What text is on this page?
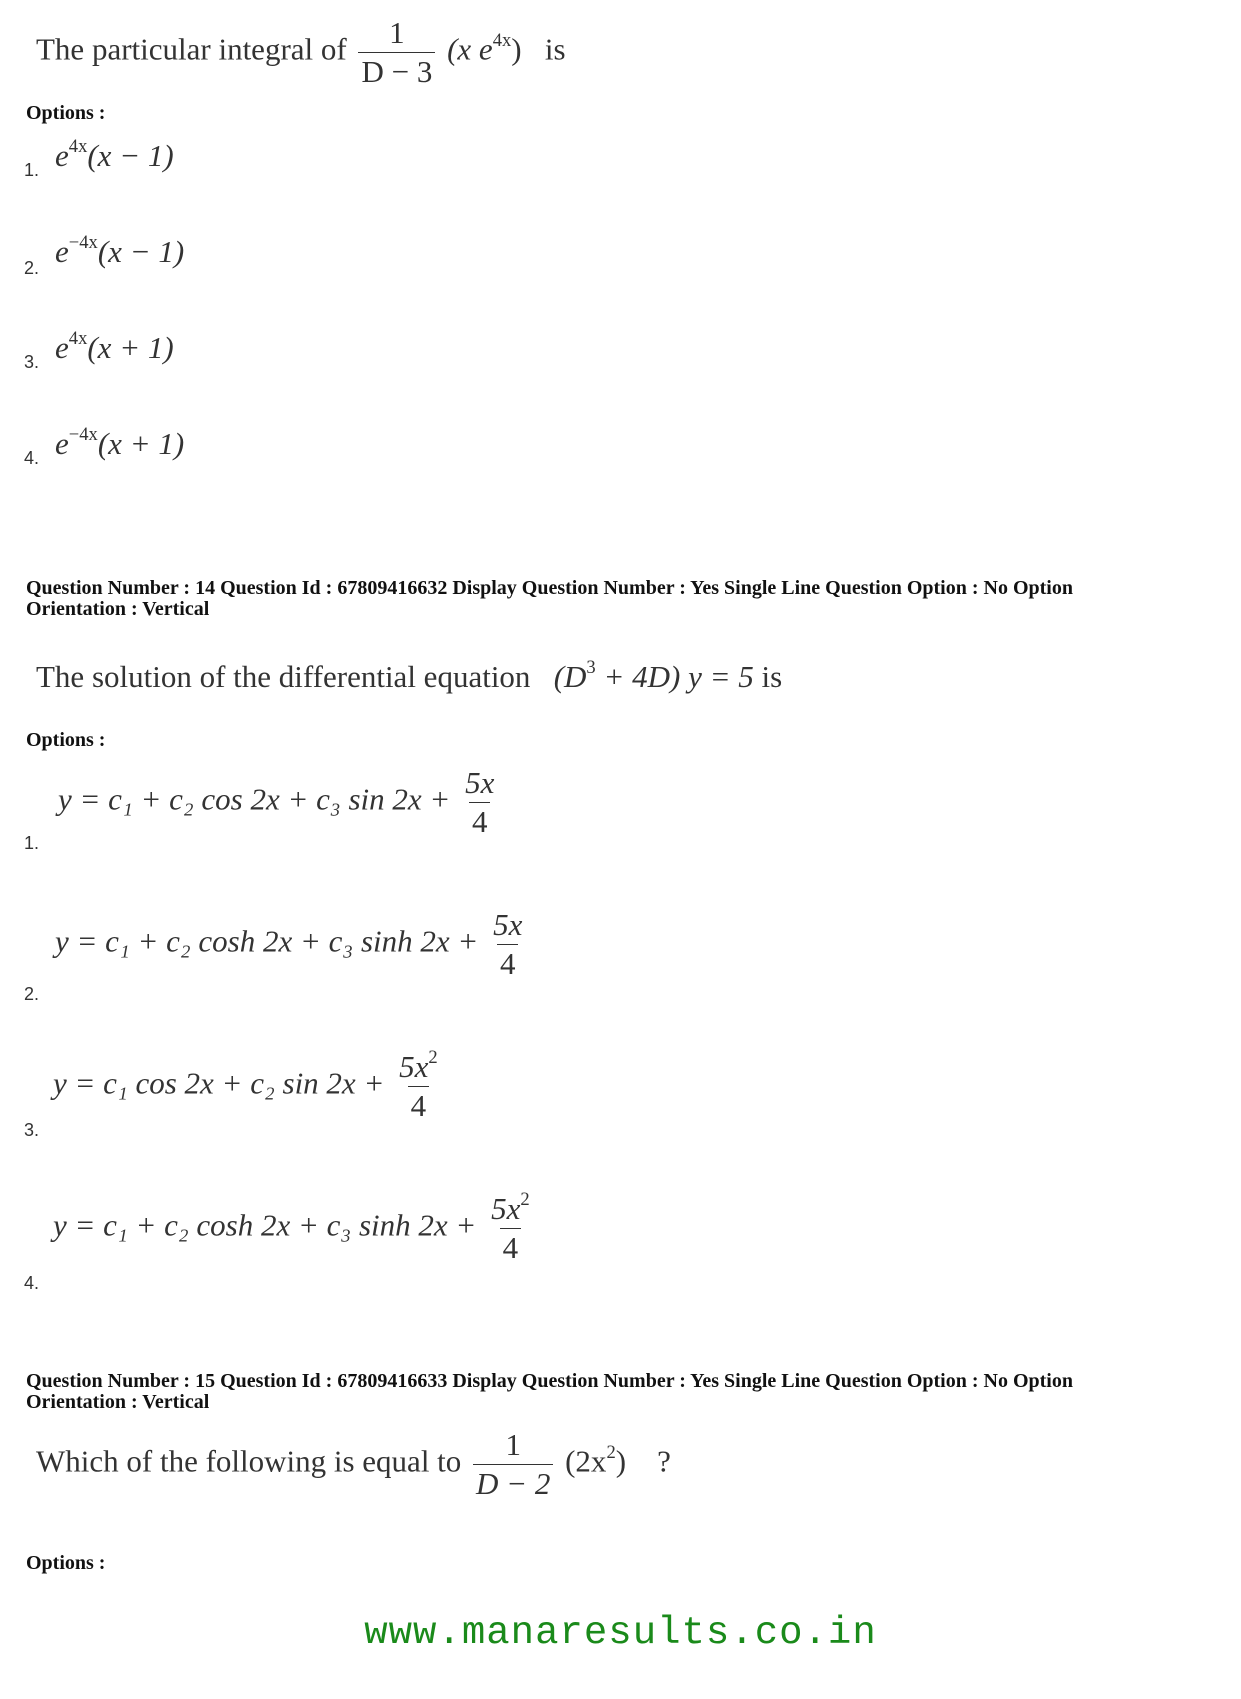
The particular integral of $\frac{1}{D - 3} (x$ $e^{4x}$) is
Options :
1. $e^{4x}(x - 1)$
2. $e^{-4x}(x - 1)$
3. $e^{4x}(x + 1)$
4. $e^{-4x}(x + 1)$
Question Number : 14 Question Id : 67809416632 Display Question Number : Yes Single Line Question Option : No Option
Orientation : Vertical
The solution of the differential equation $(D^3 + 4D) y = 5$ is
Options :
1.
y = c₁ + c₂ cos 2x + c₃ $\sin 2x + \frac{5x}{4}$
2.
y = c₁ + c₂ cosh 2x + c₃ $\sinh 2x + \frac{5x}{4}$
3.
y = c₁ cos 2x + c₂ $\sin 2x + \frac{5x^2}{4}$
4.
y = c₁ + c₂ cosh 2x + c₃ $\sinh 2x + \frac{5x^2}{4}$
Question Number : 15 Question Id : 67809416633 Display Question Number : Yes Single Line Question Option : No Option
Orientation : Vertical
Which of the following is equal to $\frac{1}{D - 2} (2x^2)$ ?
Options :
www.manaresults.co.in
